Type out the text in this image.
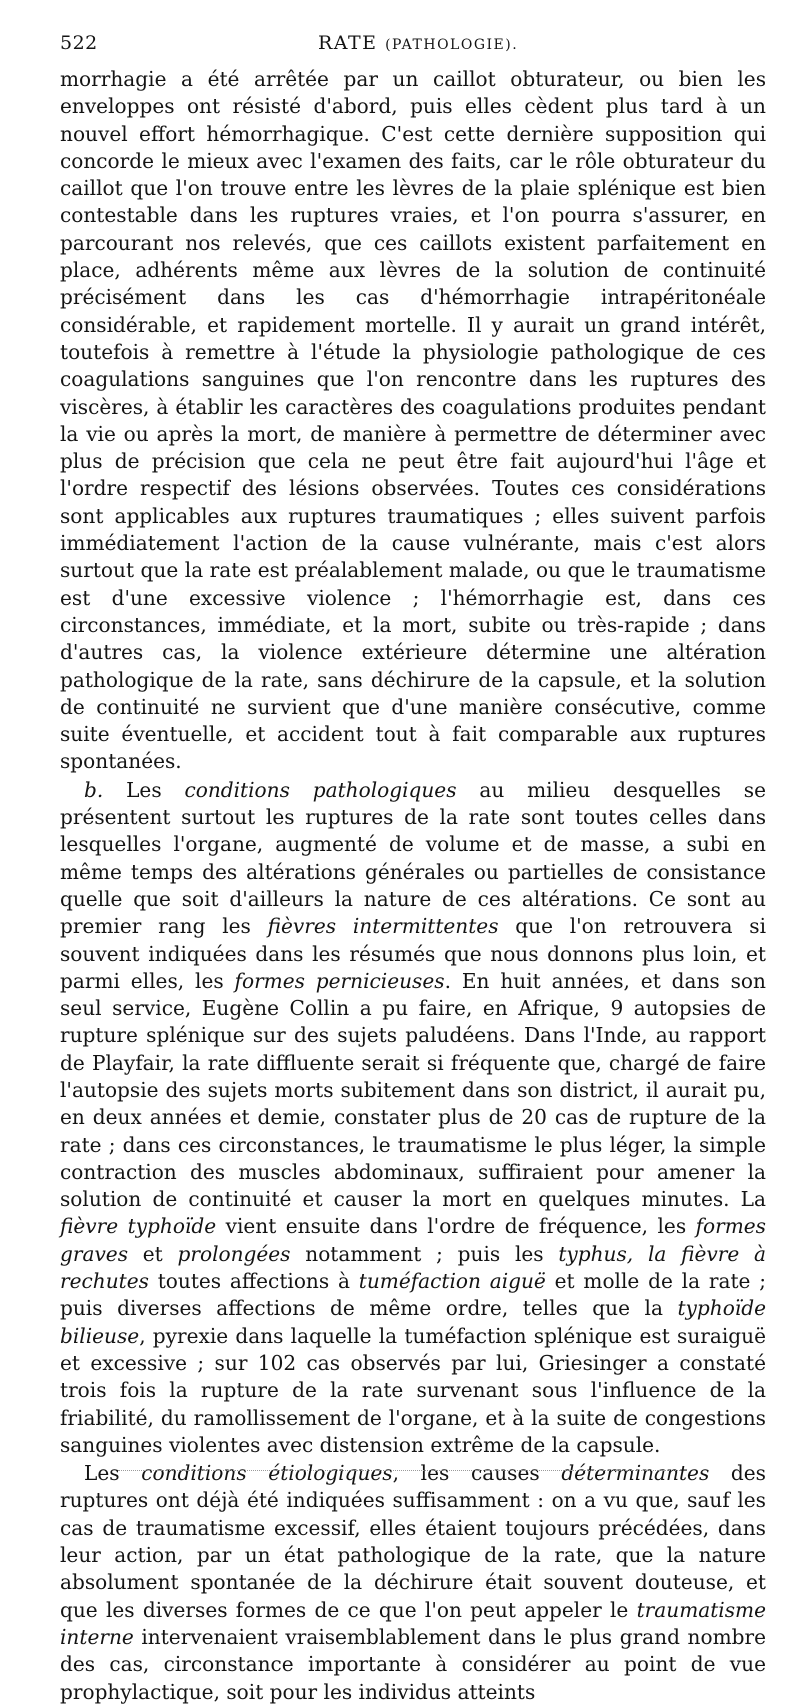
522	RATE (PATHOLOGIE).

morrhagie a été arrêtée par un caillot obturateur, ou bien les enveloppes ont résisté d'abord, puis elles cèdent plus tard à un nouvel effort hémorrhagique. C'est cette dernière supposition qui concorde le mieux avec l'examen des faits, car le rôle obturateur du caillot que l'on trouve entre les lèvres de la plaie splénique est bien contestable dans les ruptures vraies, et l'on pourra s'assurer, en parcourant nos relevés, que ces caillots existent parfaitement en place, adhérents même aux lèvres de la solution de continuité précisément dans les cas d'hémorrhagie intrapéritonéale considérable, et rapidement mortelle. Il y aurait un grand intérêt, toutefois à remettre à l'étude la physiologie pathologique de ces coagulations sanguines que l'on rencontre dans les ruptures des viscères, à établir les caractères des coagulations produites pendant la vie ou après la mort, de manière à permettre de déterminer avec plus de précision que cela ne peut être fait aujourd'hui l'âge et l'ordre respectif des lésions observées. Toutes ces considérations sont applicables aux ruptures traumatiques ; elles suivent parfois immédiatement l'action de la cause vulnérante, mais c'est alors surtout que la rate est préalablement malade, ou que le traumatisme est d'une excessive violence ; l'hémorrhagie est, dans ces circonstances, immédiate, et la mort, subite ou très-rapide ; dans d'autres cas, la violence extérieure détermine une altération pathologique de la rate, sans déchirure de la capsule, et la solution de continuité ne survient que d'une manière consécutive, comme suite éventuelle, et accident tout à fait comparable aux ruptures spontanées.

b. Les conditions pathologiques au milieu desquelles se présentent surtout les ruptures de la rate sont toutes celles dans lesquelles l'organe, augmenté de volume et de masse, a subi en même temps des altérations générales ou partielles de consistance quelle que soit d'ailleurs la nature de ces altérations. Ce sont au premier rang les fièvres intermittentes que l'on retrouvera si souvent indiquées dans les résumés que nous donnons plus loin, et parmi elles, les formes pernicieuses. En huit années, et dans son seul service, Eugène Collin a pu faire, en Afrique, 9 autopsies de rupture splénique sur des sujets paludéens. Dans l'Inde, au rapport de Playfair, la rate diffluente serait si fréquente que, chargé de faire l'autopsie des sujets morts subitement dans son district, il aurait pu, en deux années et demie, constater plus de 20 cas de rupture de la rate ; dans ces circonstances, le traumatisme le plus léger, la simple contraction des muscles abdominaux, suffiraient pour amener la solution de continuité et causer la mort en quelques minutes. La fièvre typhoïde vient ensuite dans l'ordre de fréquence, les formes graves et prolongées notamment ; puis les typhus, la fièvre à rechutes toutes affections à tuméfaction aiguë et molle de la rate ; puis diverses affections de même ordre, telles que la typhoïde bilieuse, pyrexie dans laquelle la tuméfaction splénique est suraiguë et excessive ; sur 102 cas observés par lui, Griesinger a constaté trois fois la rupture de la rate survenant sous l'influence de la friabilité, du ramollissement de l'organe, et à la suite de congestions sanguines violentes avec distension extrême de la capsule.

Les conditions étiologiques, les causes déterminantes des ruptures ont déjà été indiquées suffisamment : on a vu que, sauf les cas de traumatisme excessif, elles étaient toujours précédées, dans leur action, par un état pathologique de la rate, que la nature absolument spontanée de la déchirure était souvent douteuse, et que les diverses formes de ce que l'on peut appeler le traumatisme interne intervenaient vraisemblablement dans le plus grand nombre des cas, circonstance importante à considérer au point de vue prophylactique, soit pour les individus atteints
